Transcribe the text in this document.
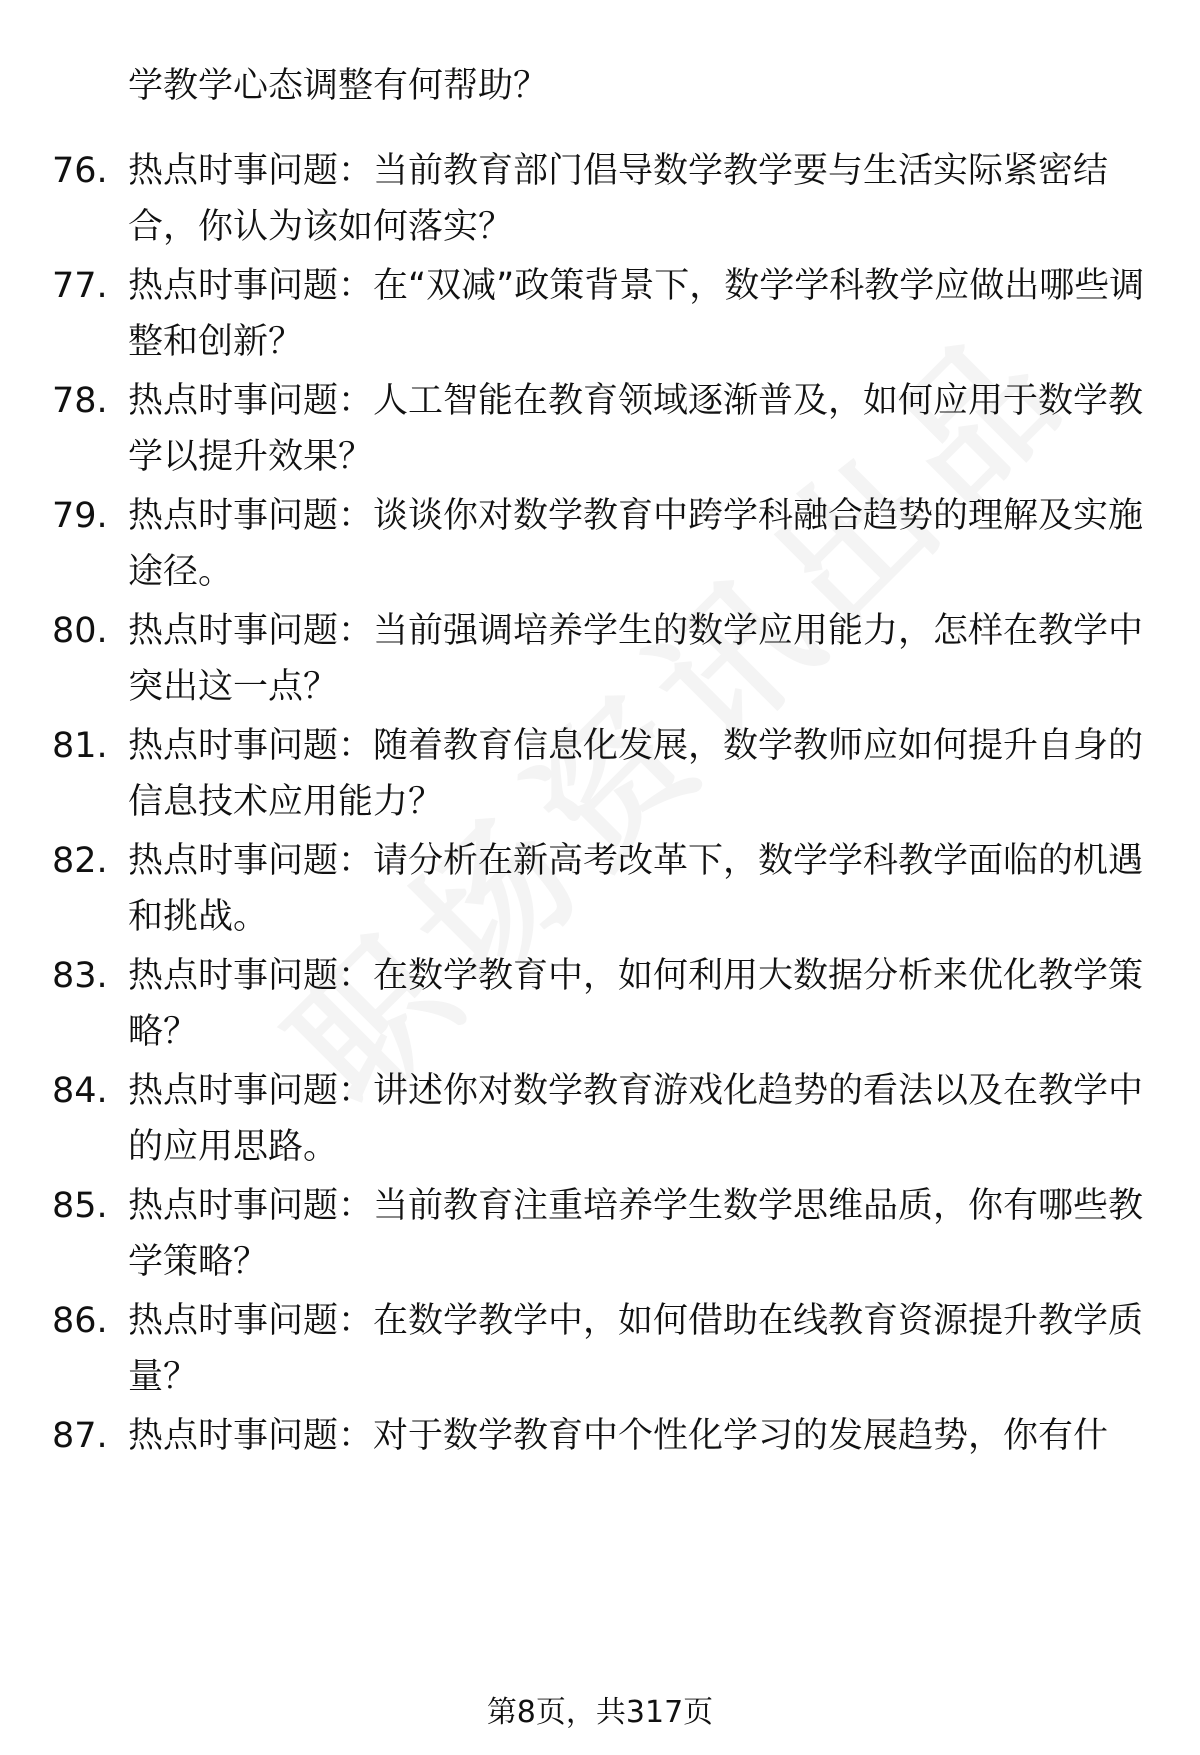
学教学心态调整有何帮助？
76. 热点时事问题：当前教育部门倡导数学教学要与生活实际紧密结合，你认为该如何落实？
77. 热点时事问题：在“双减”政策背景下，数学学科教学应做出哪些调整和创新？
78. 热点时事问题：人工智能在教育领域逐渐普及，如何应用于数学教学以提升效果？
79. 热点时事问题：谈谈你对数学教育中跨学科融合趋势的理解及实施途径。
80. 热点时事问题：当前强调培养学生的数学应用能力，怎样在教学中突出这一点？
81. 热点时事问题：随着教育信息化发展，数学教师应如何提升自身的信息技术应用能力？
82. 热点时事问题：请分析在新高考改革下，数学学科教学面临的机遇和挑战。
83. 热点时事问题：在数学教育中，如何利用大数据分析来优化教学策略？
84. 热点时事问题：讲述你对数学教育游戏化趋势的看法以及在教学中的应用思路。
85. 热点时事问题：当前教育注重培养学生数学思维品质，你有哪些教学策略？
86. 热点时事问题：在数学教学中，如何借助在线教育资源提升教学质量？
87. 热点时事问题：对于数学教育中个性化学习的发展趋势，你有什
第8页，共317页
